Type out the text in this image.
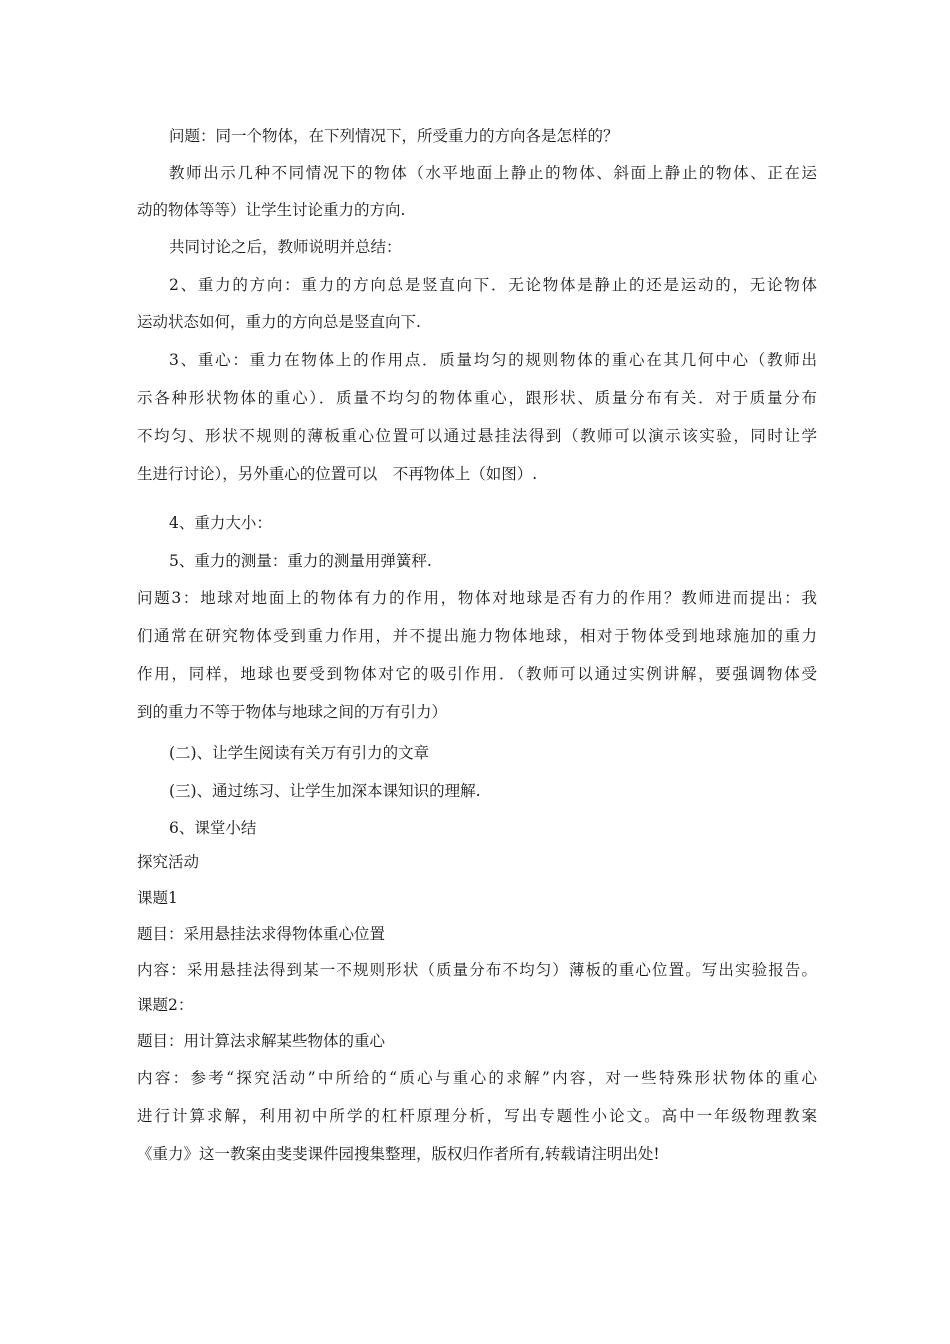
问题：同一个物体，在下列情况下，所受重力的方向各是怎样的？
教师出示几种不同情况下的物体（水平地面上静止的物体、斜面上静止的物体、正在运
动的物体等等）让学生讨论重力的方向.
共同讨论之后，教师说明并总结：
2、重力的方向：重力的方向总是竖直向下．无论物体是静止的还是运动的，无论物体
运动状态如何，重力的方向总是竖直向下.
3、重心：重力在物体上的作用点．质量均匀的规则物体的重心在其几何中心（教师出
示各种形状物体的重心）．质量不均匀的物体重心，跟形状、质量分布有关．对于质量分布
不均匀、形状不规则的薄板重心位置可以通过悬挂法得到（教师可以演示该实验，同时让学
生进行讨论），另外重心的位置可以　不再物体上（如图）.
4、重力大小：
5、重力的测量：重力的测量用弹簧秤.
问题3：地球对地面上的物体有力的作用，物体对地球是否有力的作用？教师进而提出：我
们通常在研究物体受到重力作用，并不提出施力物体地球，相对于物体受到地球施加的重力
作用，同样，地球也要受到物体对它的吸引作用．（教师可以通过实例讲解，要强调物体受
到的重力不等于物体与地球之间的万有引力）
(二)、让学生阅读有关万有引力的文章
(三)、通过练习、让学生加深本课知识的理解.
6、课堂小结
探究活动
课题1
题目：采用悬挂法求得物体重心位置
内容：采用悬挂法得到某一不规则形状（质量分布不均匀）薄板的重心位置。写出实验报告。
课题2：
题目：用计算法求解某些物体的重心
内容：参考“探究活动”中所给的“质心与重心的求解”内容，对一些特殊形状物体的重心
进行计算求解，利用初中所学的杠杆原理分析，写出专题性小论文。高中一年级物理教案
《重力》这一教案由斐斐课件园搜集整理，版权归作者所有,转载请注明出处!
